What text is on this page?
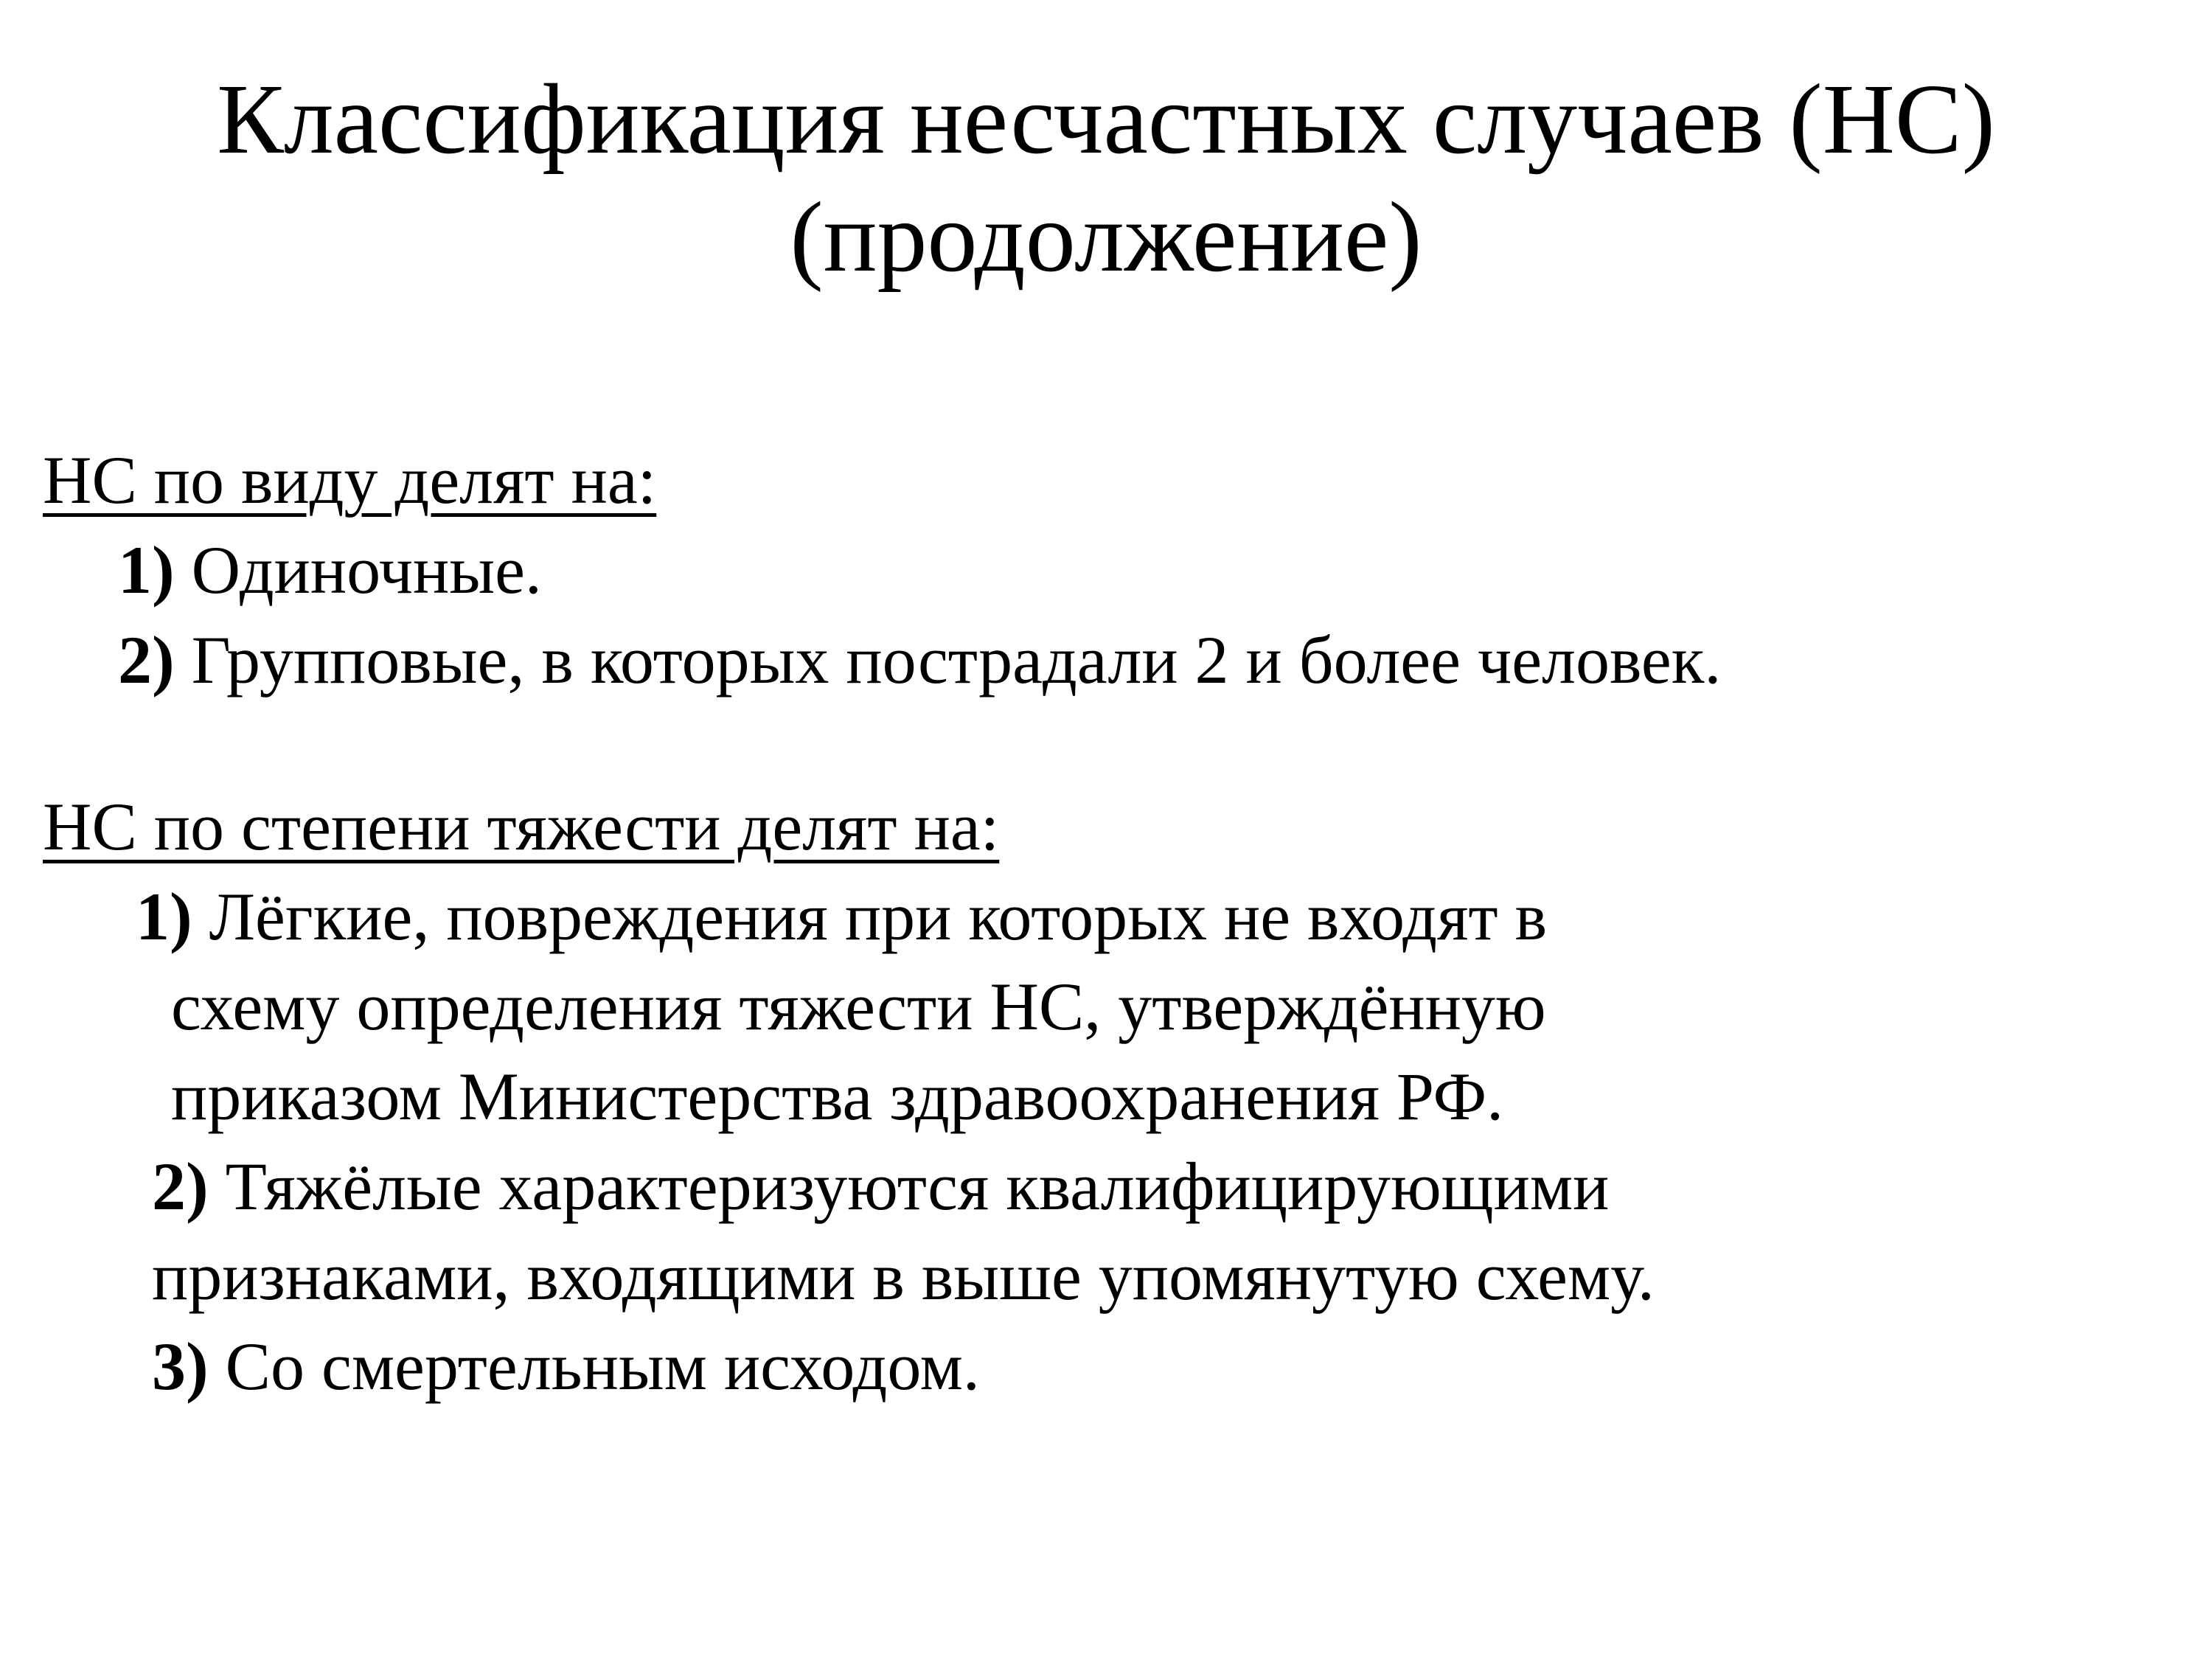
Классификация несчастных случаев (НС)
(продолжение)
НС по виду делят на:
1) Одиночные.
2) Групповые, в которых пострадали 2 и более человек.
НС по степени тяжести делят на:
1) Лёгкие, повреждения при которых не входят в
схему определения тяжести НС, утверждённую
приказом Министерства здравоохранения РФ.
2) Тяжёлые характеризуются квалифицирующими
признаками, входящими в выше упомянутую схему.
3) Со смертельным исходом.
